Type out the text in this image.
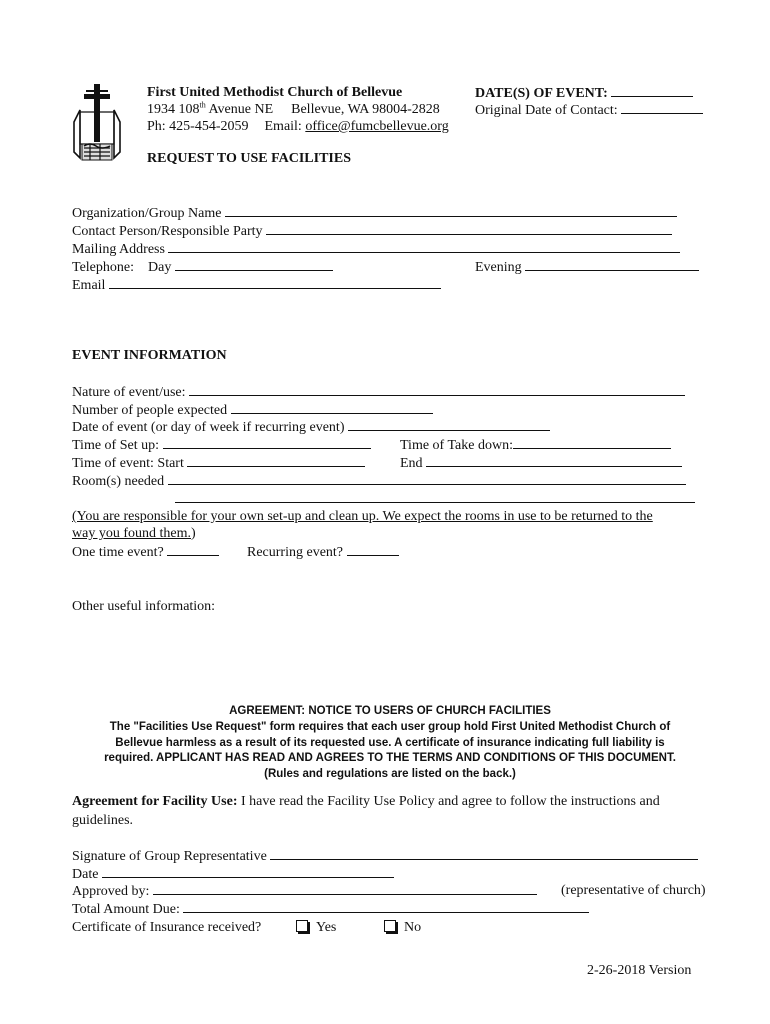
First United Methodist Church of Bellevue
1934 108th Avenue NE Bellevue, WA 98004-2828
Ph: 425-454-2059 Email: office@fumcbellevue.org
DATE(S) OF EVENT:
Original Date of Contact:
REQUEST TO USE FACILITIES
Organization/Group Name
Contact Person/Responsible Party
Mailing Address
Telephone: Day	Evening
Email
EVENT INFORMATION
Nature of event/use:
Number of people expected
Date of event (or day of week if recurring event)
Time of Set up:	Time of Take down:
Time of event: Start	End
Room(s) needed
(You are responsible for your own set-up and clean up. We expect the rooms in use to be returned to the
way you found them.)
One time event?	Recurring event?
Other useful information:
AGREEMENT: NOTICE TO USERS OF CHURCH FACILITIES
The "Facilities Use Request" form requires that each user group hold First United Methodist Church of
Bellevue harmless as a result of its requested use. A certificate of insurance indicating full liability is
required. APPLICANT HAS READ AND AGREES TO THE TERMS AND CONDITIONS OF THIS DOCUMENT.
(Rules and regulations are listed on the back.)
Agreement for Facility Use: I have read the Facility Use Policy and agree to follow the instructions and
guidelines.
Signature of Group Representative
Date
Approved by:	(representative of church)
Total Amount Due:
Certificate of Insurance received?	Yes	No
2-26-2018 Version
